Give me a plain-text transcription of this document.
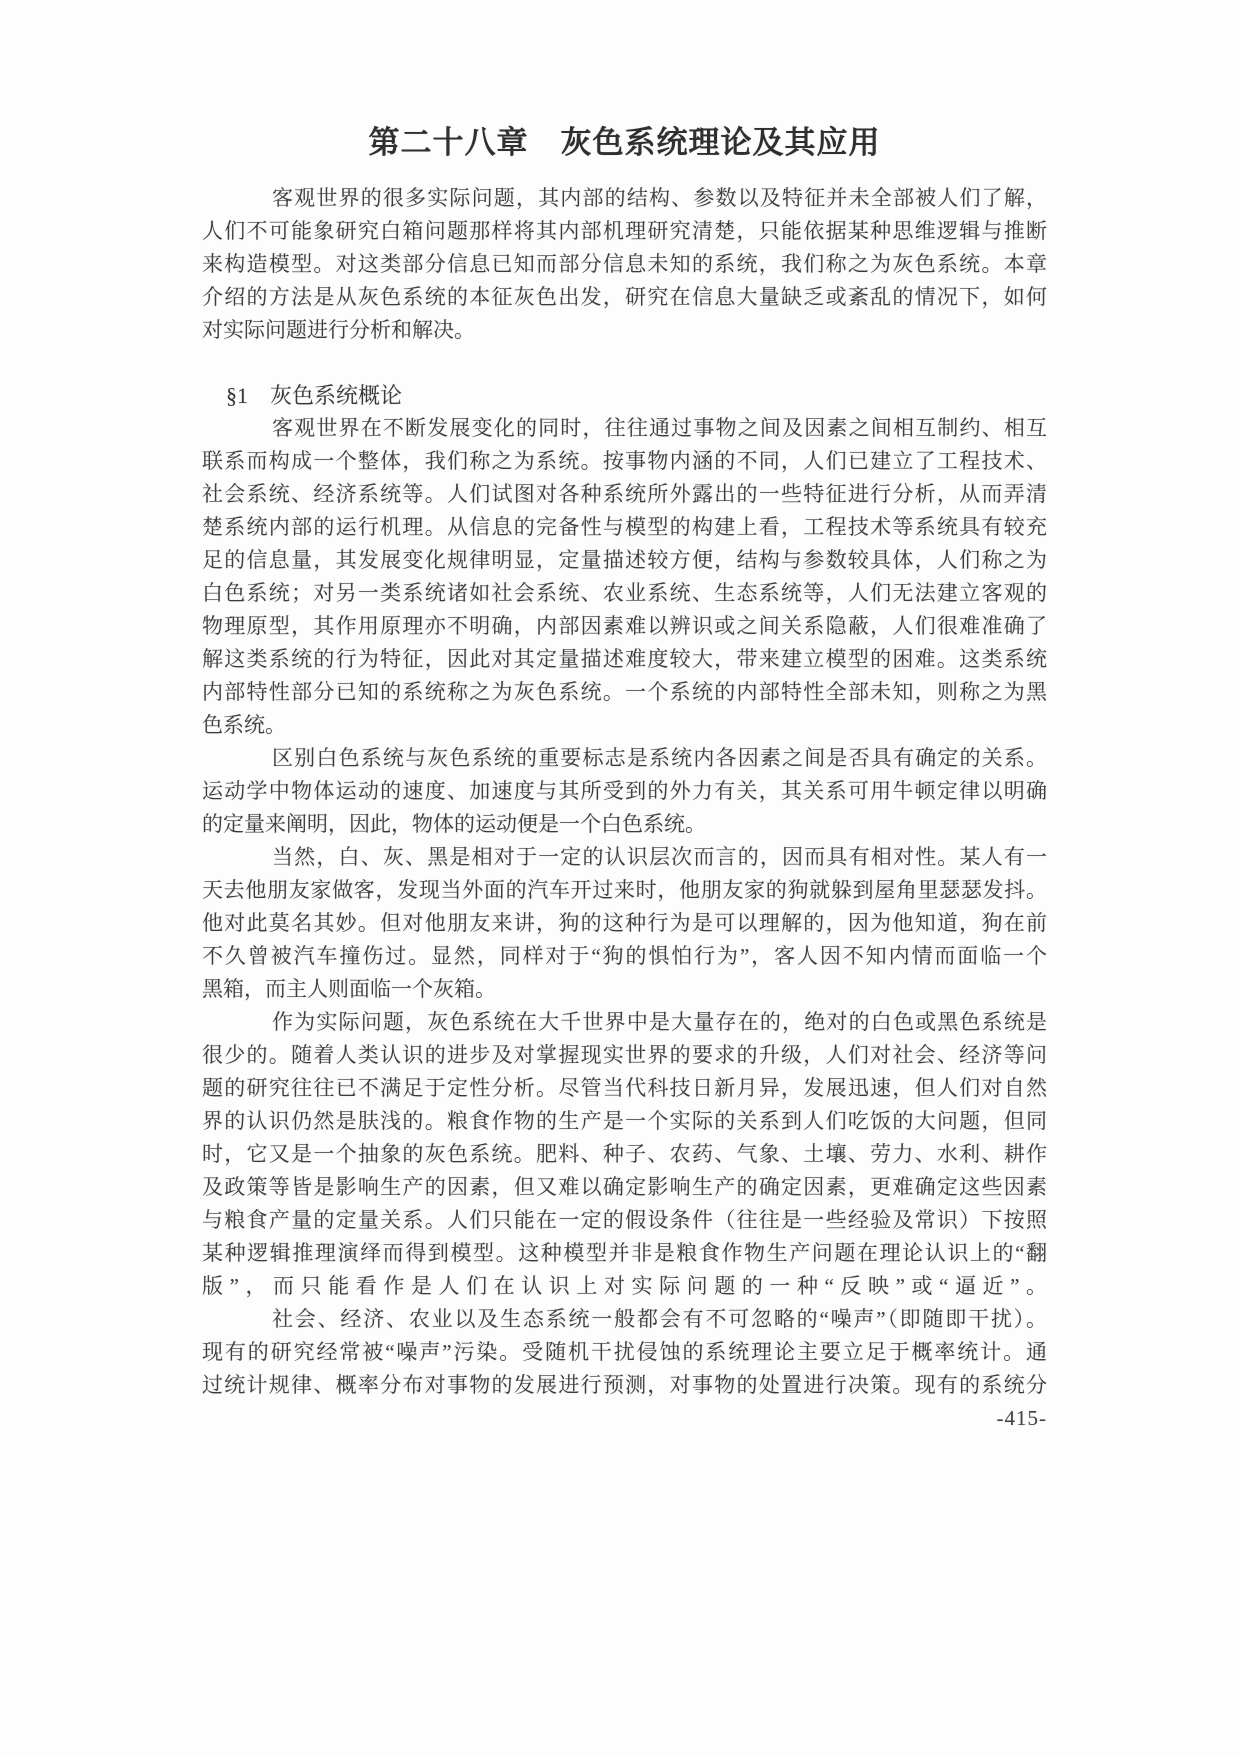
第二十八章　灰色系统理论及其应用
客观世界的很多实际问题，其内部的结构、参数以及特征并未全部被人们了解，
人们不可能象研究白箱问题那样将其内部机理研究清楚，只能依据某种思维逻辑与推断
来构造模型。对这类部分信息已知而部分信息未知的系统，我们称之为灰色系统。本章
介绍的方法是从灰色系统的本征灰色出发，研究在信息大量缺乏或紊乱的情况下，如何
对实际问题进行分析和解决。
§1　灰色系统概论
客观世界在不断发展变化的同时，往往通过事物之间及因素之间相互制约、相互
联系而构成一个整体，我们称之为系统。按事物内涵的不同，人们已建立了工程技术、
社会系统、经济系统等。人们试图对各种系统所外露出的一些特征进行分析，从而弄清
楚系统内部的运行机理。从信息的完备性与模型的构建上看，工程技术等系统具有较充
足的信息量，其发展变化规律明显，定量描述较方便，结构与参数较具体，人们称之为
白色系统；对另一类系统诸如社会系统、农业系统、生态系统等，人们无法建立客观的
物理原型，其作用原理亦不明确，内部因素难以辨识或之间关系隐蔽，人们很难准确了
解这类系统的行为特征，因此对其定量描述难度较大，带来建立模型的困难。这类系统
内部特性部分已知的系统称之为灰色系统。一个系统的内部特性全部未知，则称之为黑
色系统。
区别白色系统与灰色系统的重要标志是系统内各因素之间是否具有确定的关系。
运动学中物体运动的速度、加速度与其所受到的外力有关，其关系可用牛顿定律以明确
的定量来阐明，因此，物体的运动便是一个白色系统。
当然，白、灰、黑是相对于一定的认识层次而言的，因而具有相对性。某人有一
天去他朋友家做客，发现当外面的汽车开过来时，他朋友家的狗就躲到屋角里瑟瑟发抖。
他对此莫名其妙。但对他朋友来讲，狗的这种行为是可以理解的，因为他知道，狗在前
不久曾被汽车撞伤过。显然，同样对于“狗的惧怕行为”，客人因不知内情而面临一个
黑箱，而主人则面临一个灰箱。
作为实际问题，灰色系统在大千世界中是大量存在的，绝对的白色或黑色系统是
很少的。随着人类认识的进步及对掌握现实世界的要求的升级，人们对社会、经济等问
题的研究往往已不满足于定性分析。尽管当代科技日新月异，发展迅速，但人们对自然
界的认识仍然是肤浅的。粮食作物的生产是一个实际的关系到人们吃饭的大问题，但同
时，它又是一个抽象的灰色系统。肥料、种子、农药、气象、土壤、劳力、水利、耕作
及政策等皆是影响生产的因素，但又难以确定影响生产的确定因素，更难确定这些因素
与粮食产量的定量关系。人们只能在一定的假设条件（往往是一些经验及常识）下按照
某种逻辑推理演绎而得到模型。这种模型并非是粮食作物生产问题在理论认识上的“翻
版”，而只能看作是人们在认识上对实际问题的一种“反映”或“逼近”。
社会、经济、农业以及生态系统一般都会有不可忽略的“噪声”（即随即干扰）。
现有的研究经常被“噪声”污染。受随机干扰侵蚀的系统理论主要立足于概率统计。通
过统计规律、概率分布对事物的发展进行预测，对事物的处置进行决策。现有的系统分
-415-
